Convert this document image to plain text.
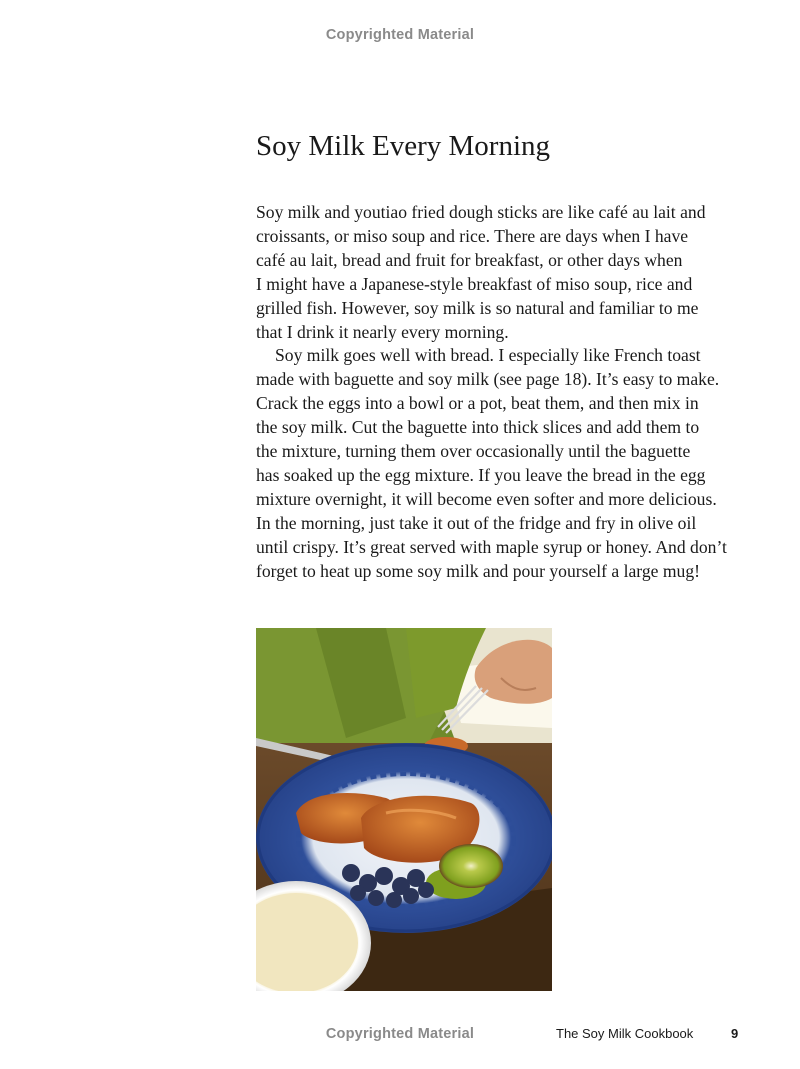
Copyrighted Material
Soy Milk Every Morning
Soy milk and youtiao fried dough sticks are like café au lait and
croissants, or miso soup and rice. There are days when I have
café au lait, bread and fruit for breakfast, or other days when
I might have a Japanese-style breakfast of miso soup, rice and
grilled fish. However, soy milk is so natural and familiar to me
that I drink it nearly every morning.
Soy milk goes well with bread. I especially like French toast
made with baguette and soy milk (see page 18). It’s easy to make.
Crack the eggs into a bowl or a pot, beat them, and then mix in
the soy milk. Cut the baguette into thick slices and add them to
the mixture, turning them over occasionally until the baguette
has soaked up the egg mixture. If you leave the bread in the egg
mixture overnight, it will become even softer and more delicious.
In the morning, just take it out of the fridge and fry in olive oil
until crispy. It’s great served with maple syrup or honey. And don’t
forget to heat up some soy milk and pour yourself a large mug!
Copyrighted Material	The Soy Milk Cookbook	9
